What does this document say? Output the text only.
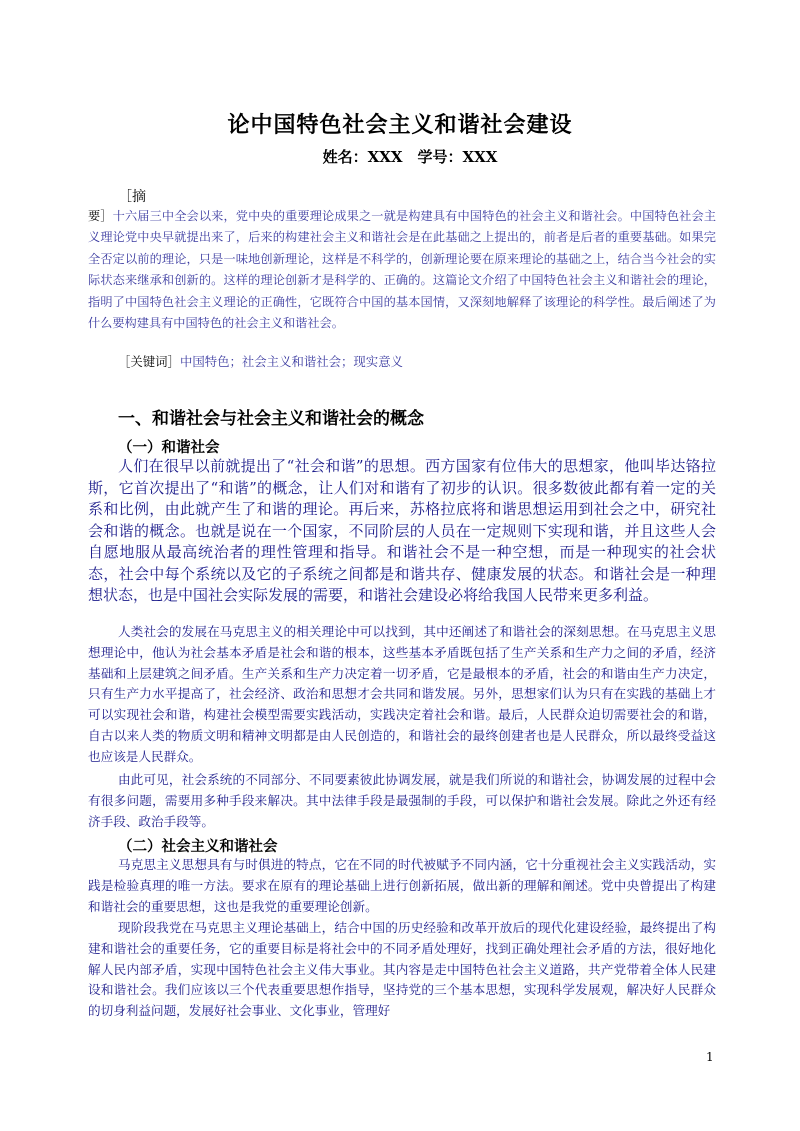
论中国特色社会主义和谐社会建设
姓名：XXX　学号：XXX
［摘
要］十六届三中全会以来，党中央的重要理论成果之一就是构建具有中国特色的社会主义和谐社会。中国特色社会主义理论党中央早就提出来了，后来的构建社会主义和谐社会是在此基础之上提出的，前者是后者的重要基础。如果完全否定以前的理论，只是一味地创新理论，这样是不科学的，创新理论要在原来理论的基础之上，结合当今社会的实际状态来继承和创新的。这样的理论创新才是科学的、正确的。这篇论文介绍了中国特色社会主义和谐社会的理论，指明了中国特色社会主义理论的正确性，它既符合中国的基本国情，又深刻地解释了该理论的科学性。最后阐述了为什么要构建具有中国特色的社会主义和谐社会。
［关键词］中国特色；社会主义和谐社会；现实意义
一、和谐社会与社会主义和谐社会的概念
（一）和谐社会

人们在很早以前就提出了“社会和谐”的思想。西方国家有位伟大的思想家，他叫毕达铬拉斯，它首次提出了“和谐”的概念，让人们对和谐有了初步的认识。很多数彼此都有着一定的关系和比例，由此就产生了和谐的理论。再后来，苏格拉底将和谐思想运用到社会之中，研究社会和谐的概念。也就是说在一个国家，不同阶层的人员在一定规则下实现和谐，并且这些人会自愿地服从最高统治者的理性管理和指导。和谐社会不是一种空想，而是一种现实的社会状态，社会中每个系统以及它的子系统之间都是和谐共存、健康发展的状态。和谐社会是一种理想状态，也是中国社会实际发展的需要，和谐社会建设必将给我国人民带来更多利益。

人类社会的发展在马克思主义的相关理论中可以找到，其中还阐述了和谐社会的深刻思想。在马克思主义思想理论中，他认为社会基本矛盾是社会和谐的根本，这些基本矛盾既包括了生产关系和生产力之间的矛盾，经济基础和上层建筑之间矛盾。生产关系和生产力决定着一切矛盾，它是最根本的矛盾，社会的和谐由生产力决定，只有生产力水平提高了，社会经济、政治和思想才会共同和谐发展。另外，思想家们认为只有在实践的基础上才可以实现社会和谐，构建社会模型需要实践活动，实践决定着社会和谐。最后，人民群众迫切需要社会的和谐，自古以来人类的物质文明和精神文明都是由人民创造的，和谐社会的最终创建者也是人民群众，所以最终受益这也应该是人民群众。

由此可见，社会系统的不同部分、不同要素彼此协调发展，就是我们所说的和谐社会，协调发展的过程中会有很多问题，需要用多种手段来解决。其中法律手段是最强制的手段，可以保护和谐社会发展。除此之外还有经济手段、政治手段等。

（二）社会主义和谐社会

马克思主义思想具有与时俱进的特点，它在不同的时代被赋予不同内涵，它十分重视社会主义实践活动，实践是检验真理的唯一方法。要求在原有的理论基础上进行创新拓展，做出新的理解和阐述。党中央曾提出了构建和谐社会的重要思想，这也是我党的重要理论创新。

现阶段我党在马克思主义理论基础上，结合中国的历史经验和改革开放后的现代化建设经验，最终提出了构建和谐社会的重要任务，它的重要目标是将社会中的不同矛盾处理好，找到正确处理社会矛盾的方法，很好地化解人民内部矛盾，实现中国特色社会主义伟大事业。其内容是走中国特色社会主义道路，共产党带着全体人民建设和谐社会。我们应该以三个代表重要思想作指导，坚持党的三个基本思想，实现科学发展观，解决好人民群众的切身利益问题，发展好社会事业、文化事业，管理好

1
